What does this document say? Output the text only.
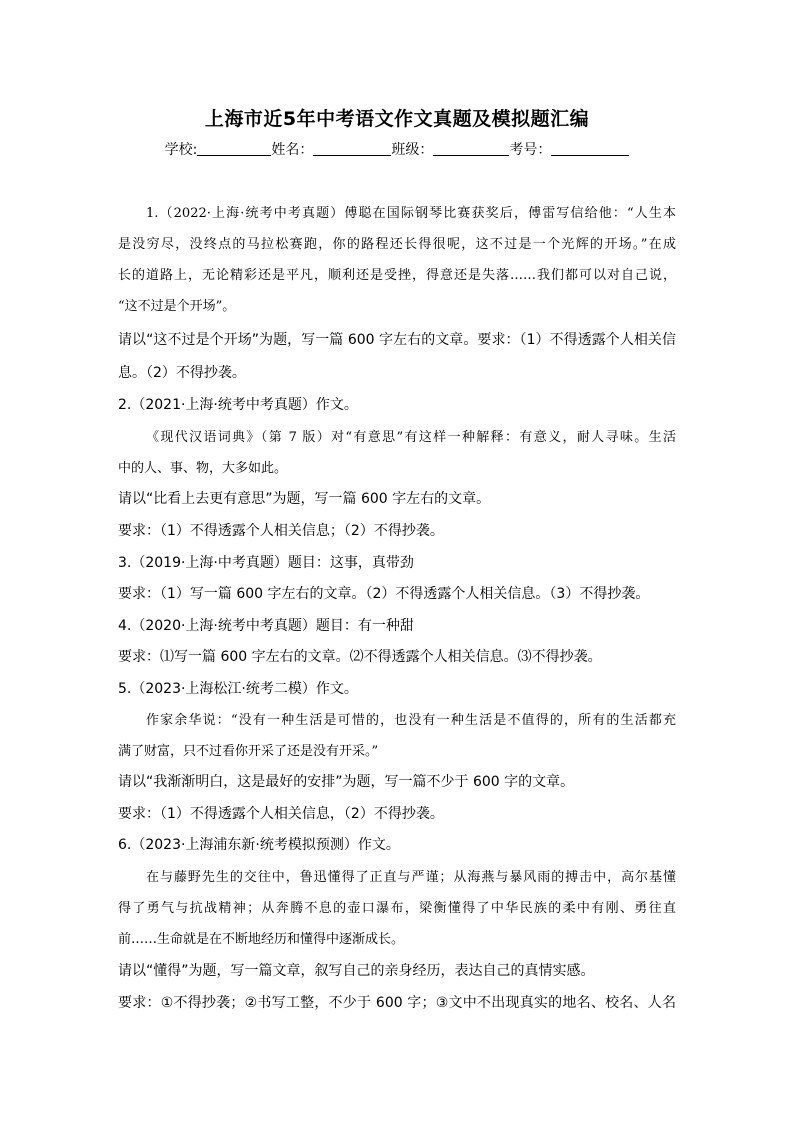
上海市近5年中考语文作文真题及模拟题汇编
学校:	姓名：	班级：	考号：
1.（2022·上海·统考中考真题）傅聪在国际钢琴比赛获奖后，傅雷写信给他：“人生本
是没穷尽，没终点的马拉松赛跑，你的路程还长得很呢，这不过是一个光辉的开场。”在成
长的道路上，无论精彩还是平凡，顺利还是受挫，得意还是失落……我们都可以对自己说，
“这不过是个开场”。
请以“这不过是个开场”为题，写一篇 600 字左右的文章。要求：（1）不得透露个人相关信
息。（2）不得抄袭。
2.（2021·上海·统考中考真题）作文。
《现代汉语词典》（第 7 版）对“有意思”有这样一种解释：有意义，耐人寻味。生活
中的人、事、物，大多如此。
请以“比看上去更有意思”为题，写一篇 600 字左右的文章。
要求：（1）不得透露个人相关信息；（2）不得抄袭。
3.（2019·上海·中考真题）题目：这事，真带劲
要求：（1）写一篇 600 字左右的文章。（2）不得透露个人相关信息。（3）不得抄袭。
4.（2020·上海·统考中考真题）题目：有一种甜
要求：⑴写一篇 600 字左右的文章。⑵不得透露个人相关信息。⑶不得抄袭。
5.（2023·上海松江·统考二模）作文。
作家余华说：“没有一种生活是可惜的，也没有一种生活是不值得的，所有的生活都充
满了财富，只不过看你开采了还是没有开采。”
请以“我渐渐明白，这是最好的安排”为题，写一篇不少于 600 字的文章。
要求：（1）不得透露个人相关信息，（2）不得抄袭。
6.（2023·上海浦东新·统考模拟预测）作文。
在与藤野先生的交往中，鲁迅懂得了正直与严谨；从海燕与暴风雨的搏击中，高尔基懂
得了勇气与抗战精神；从奔腾不息的壶口瀑布，梁衡懂得了中华民族的柔中有刚、勇往直
前……生命就是在不断地经历和懂得中逐渐成长。
请以“懂得”为题，写一篇文章，叙写自己的亲身经历，表达自己的真情实感。
要求：①不得抄袭；②书写工整，不少于 600 字；③文中不出现真实的地名、校名、人名
